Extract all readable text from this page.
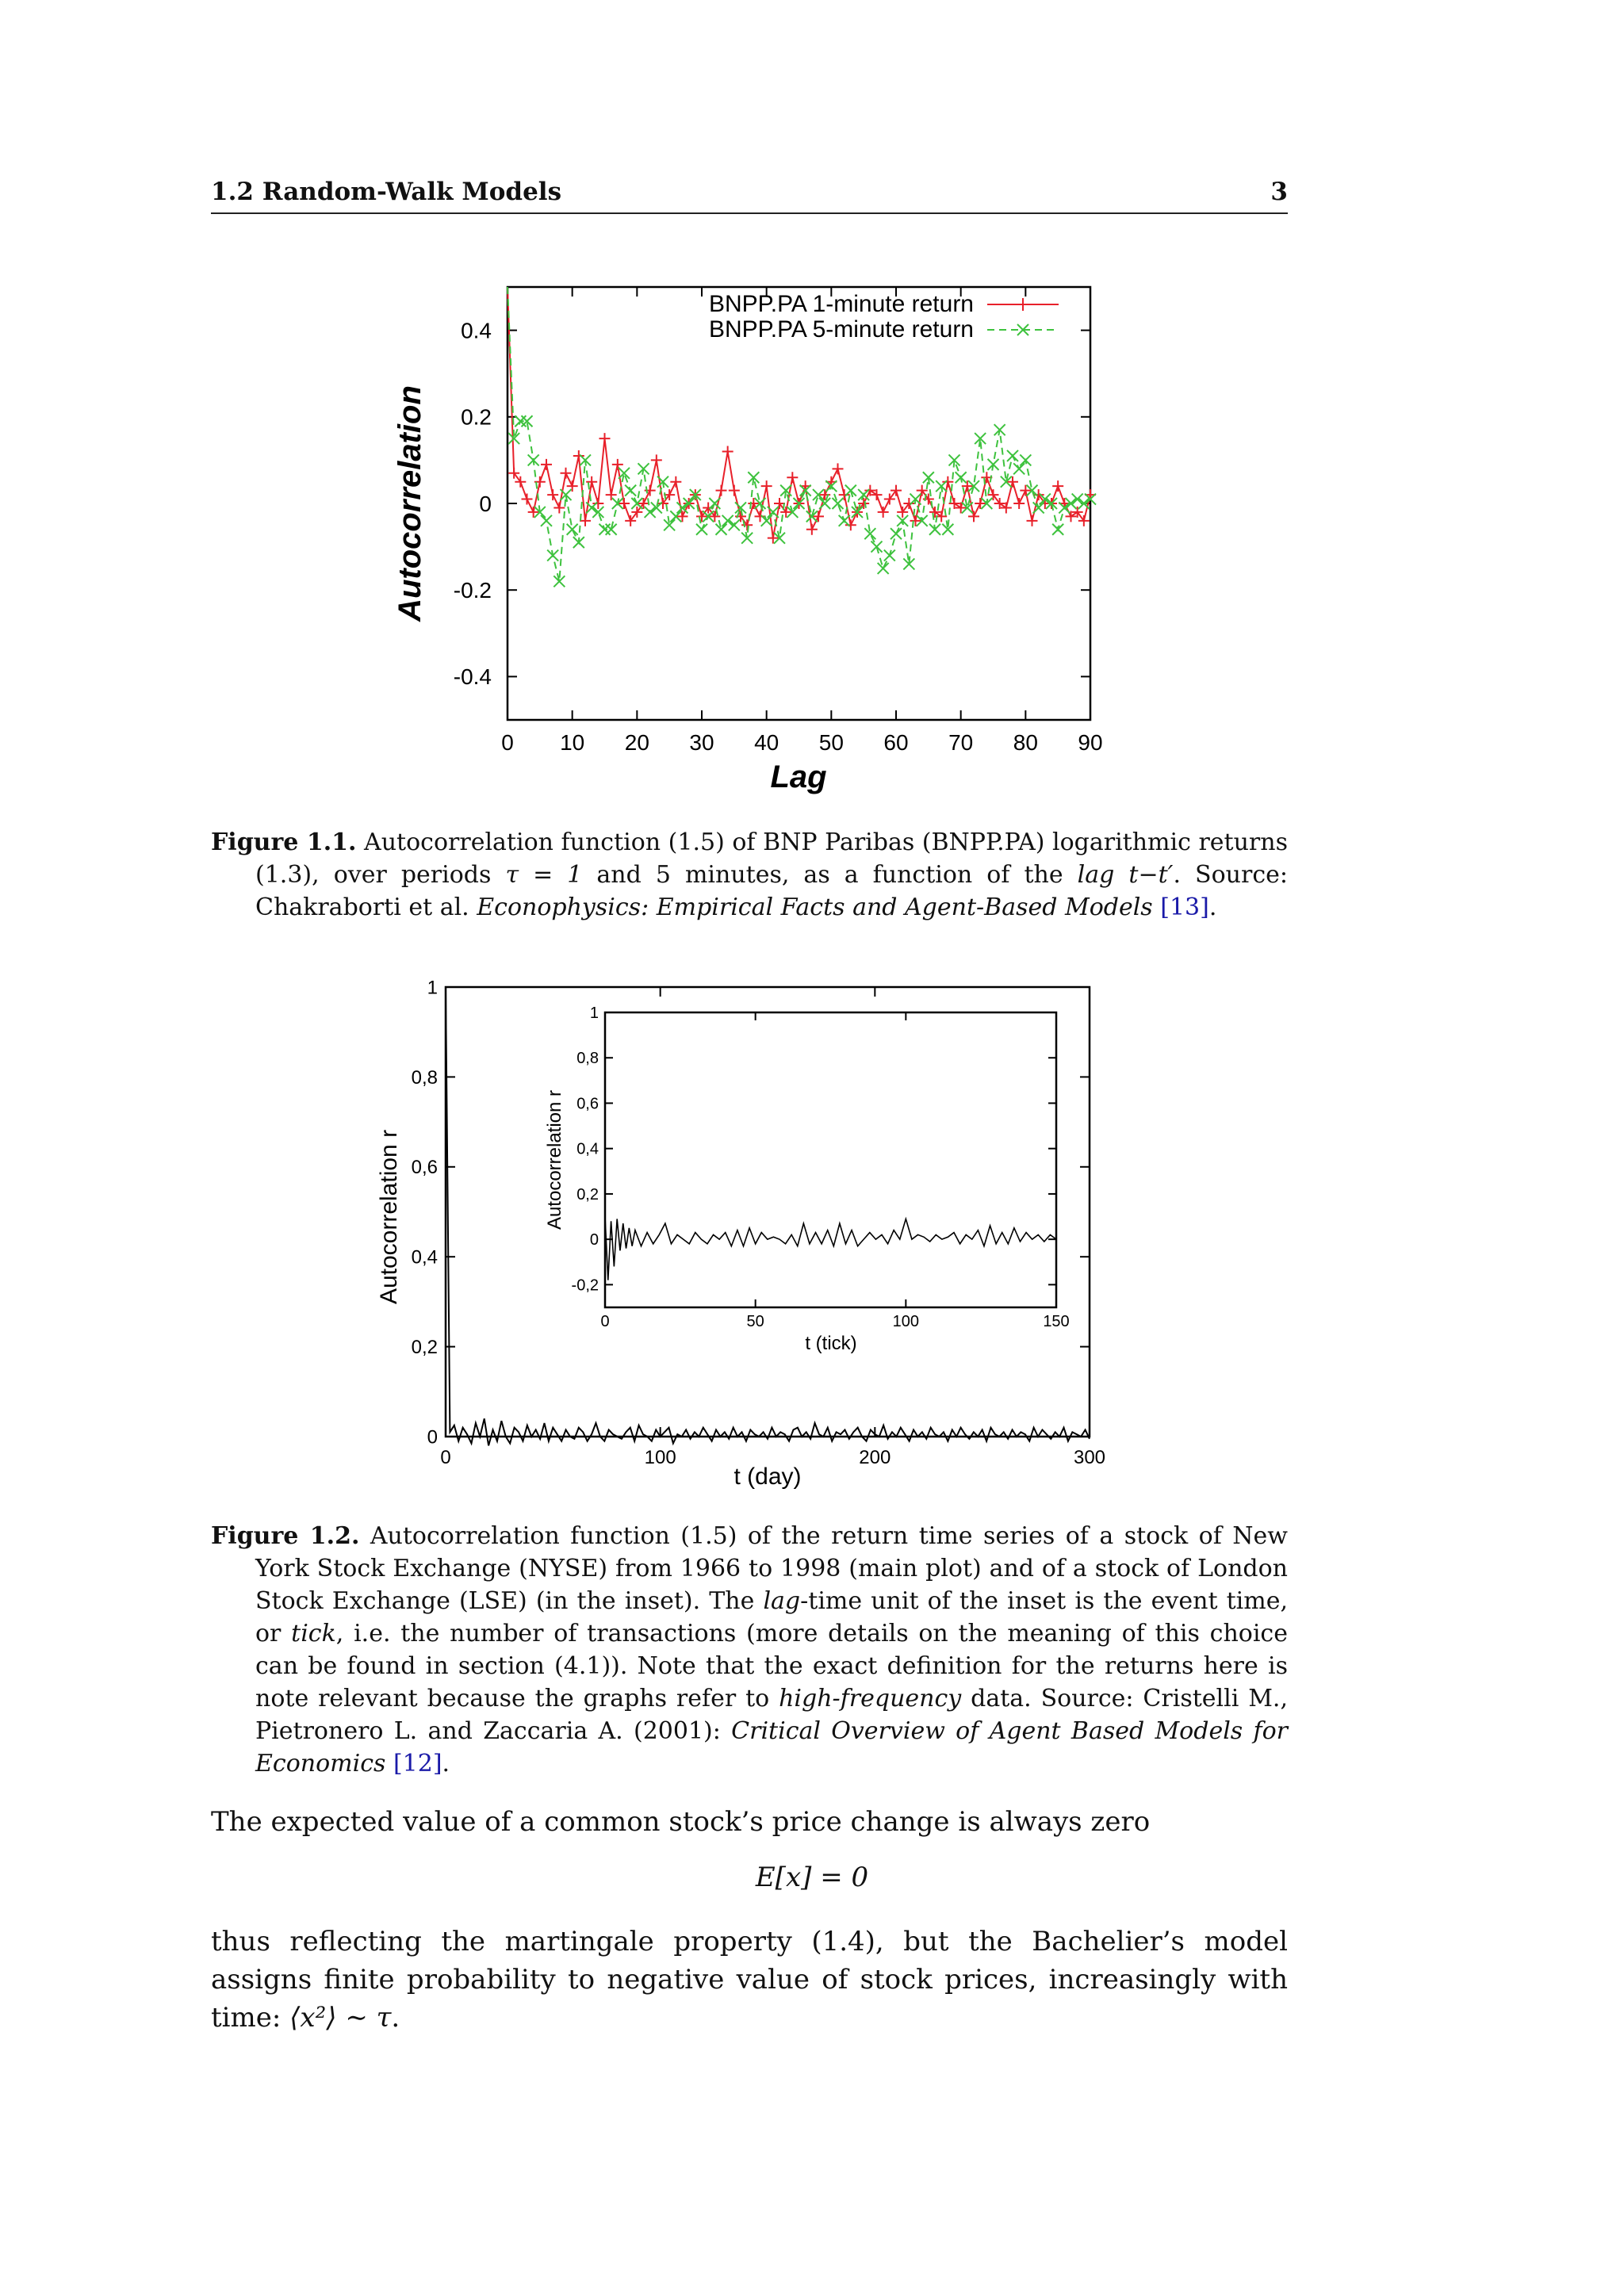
1.2 Random-Walk Models	3
0 10 20 30 40 50 60 70 80 90
-0.4
-0.2
0
0.2
0.4
BNPP.PA 1-minute return
BNPP.PA 5-minute return
Autocorrelation
Lag
Figure 1.1. Autocorrelation function (1.5) of BNP Paribas (BNPP.PA) logarithmic returns (1.3), over periods τ = 1 and 5 minutes, as a function of the lag t−t′. Source: Chakraborti et al. Econophysics: Empirical Facts and Agent-Based Models [13].
0	100	200	300
0
0,2
0,4
0,6
0,8
1
Autocorrelation r
t (day)
0	50	100	150
-0,2
0
0,2
0,4
0,6
0,8
1
Autocorrelation r
t (tick)
Figure 1.2. Autocorrelation function (1.5) of the return time series of a stock of New York Stock Exchange (NYSE) from 1966 to 1998 (main plot) and of a stock of London Stock Exchange (LSE) (in the inset). The lag-time unit of the inset is the event time, or tick, i.e. the number of transactions (more details on the meaning of this choice can be found in section (4.1)). Note that the exact definition for the returns here is note relevant because the graphs refer to high-frequency data. Source: Cristelli M., Pietronero L. and Zaccaria A. (2001): Critical Overview of Agent Based Models for Economics [12].
The expected value of a common stock’s price change is always zero
E[x] = 0
thus reflecting the martingale property (1.4), but the Bachelier’s model assigns finite probability to negative value of stock prices, increasingly with time: ⟨x²⟩ ∼ τ.
